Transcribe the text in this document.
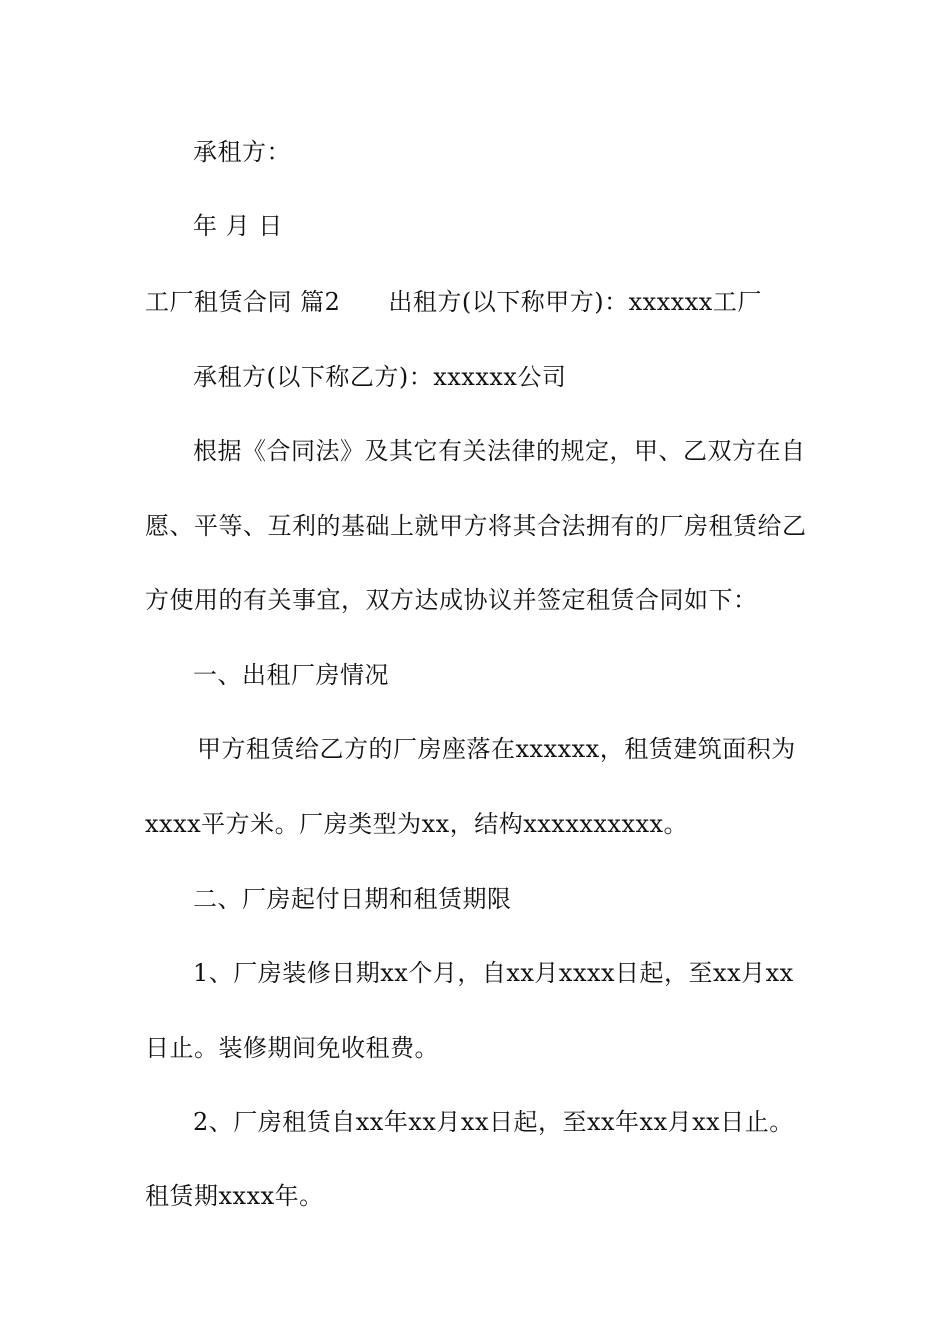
承租方：
年 月 日
工厂租赁合同 篇2 出租方(以下称甲方)：xxxxxx工厂
承租方(以下称乙方)：xxxxxx公司
根据《合同法》及其它有关法律的规定，甲、乙双方在自
愿、平等、互利的基础上就甲方将其合法拥有的厂房租赁给乙
方使用的有关事宜，双方达成协议并签定租赁合同如下：
一、出租厂房情况
甲方租赁给乙方的厂房座落在xxxxxx，租赁建筑面积为
xxxx平方米。厂房类型为xx，结构xxxxxxxxxx。
二、厂房起付日期和租赁期限
1、厂房装修日期xx个月，自xx月xxxx日起，至xx月xx
日止。装修期间免收租费。
2、厂房租赁自xx年xx月xx日起，至xx年xx月xx日止。
租赁期xxxx年。
